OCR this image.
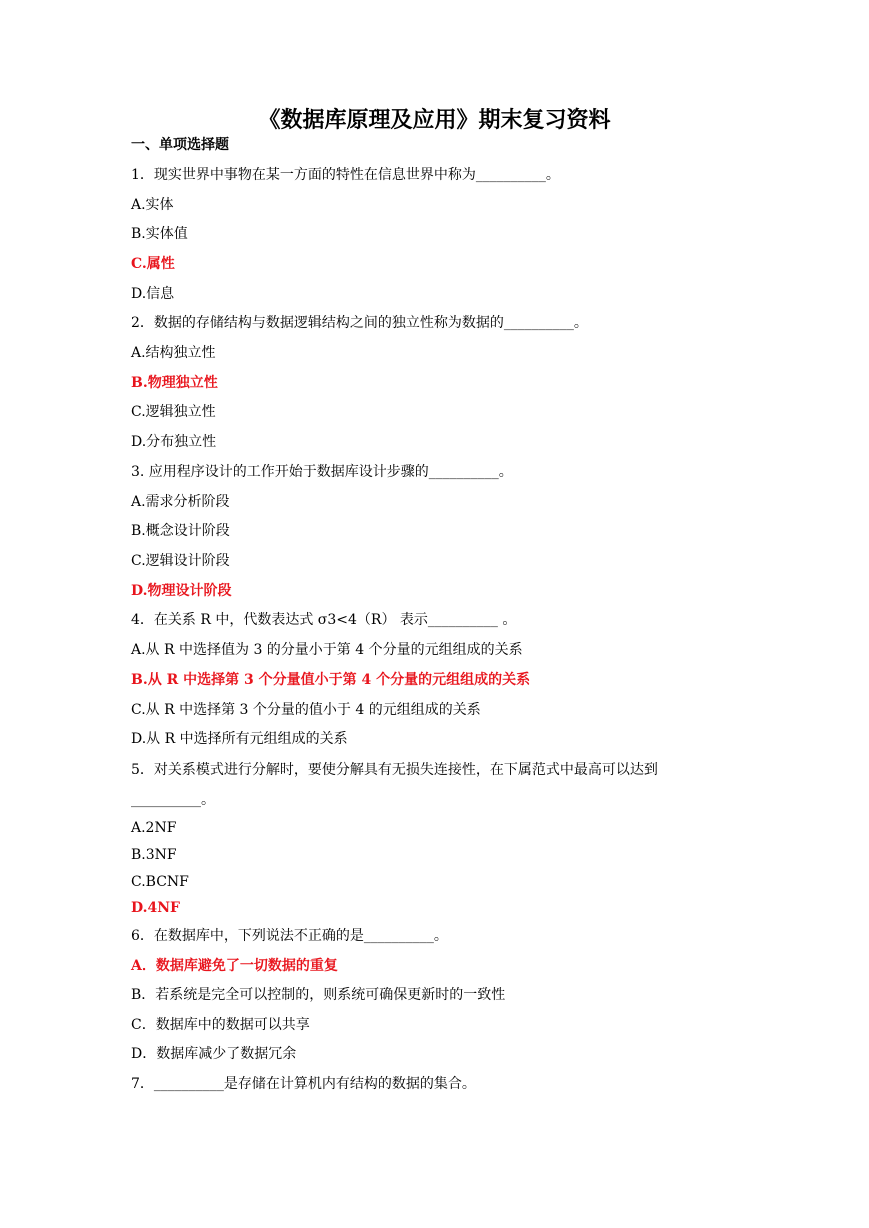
《数据库原理及应用》期末复习资料
一、单项选择题
1．现实世界中事物在某一方面的特性在信息世界中称为__________。
A.实体
B.实体值
C.属性
D.信息
2．数据的存储结构与数据逻辑结构之间的独立性称为数据的__________。
A.结构独立性
B.物理独立性
C.逻辑独立性
D.分布独立性
3. 应用程序设计的工作开始于数据库设计步骤的__________。
A.需求分析阶段
B.概念设计阶段
C.逻辑设计阶段
D.物理设计阶段
4．在关系 R 中，代数表达式 σ3<4（R） 表示__________ 。
A.从 R 中选择值为 3 的分量小于第 4 个分量的元组组成的关系
B.从 R 中选择第 3 个分量值小于第 4 个分量的元组组成的关系
C.从 R 中选择第 3 个分量的值小于 4 的元组组成的关系
D.从 R 中选择所有元组组成的关系
5．对关系模式进行分解时，要使分解具有无损失连接性，在下属范式中最高可以达到
__________。
A.2NF
B.3NF
C.BCNF
D.4NF
6．在数据库中，下列说法不正确的是__________。
A．数据库避免了一切数据的重复
B．若系统是完全可以控制的，则系统可确保更新时的一致性
C．数据库中的数据可以共享
D．数据库减少了数据冗余
7．__________是存储在计算机内有结构的数据的集合。
